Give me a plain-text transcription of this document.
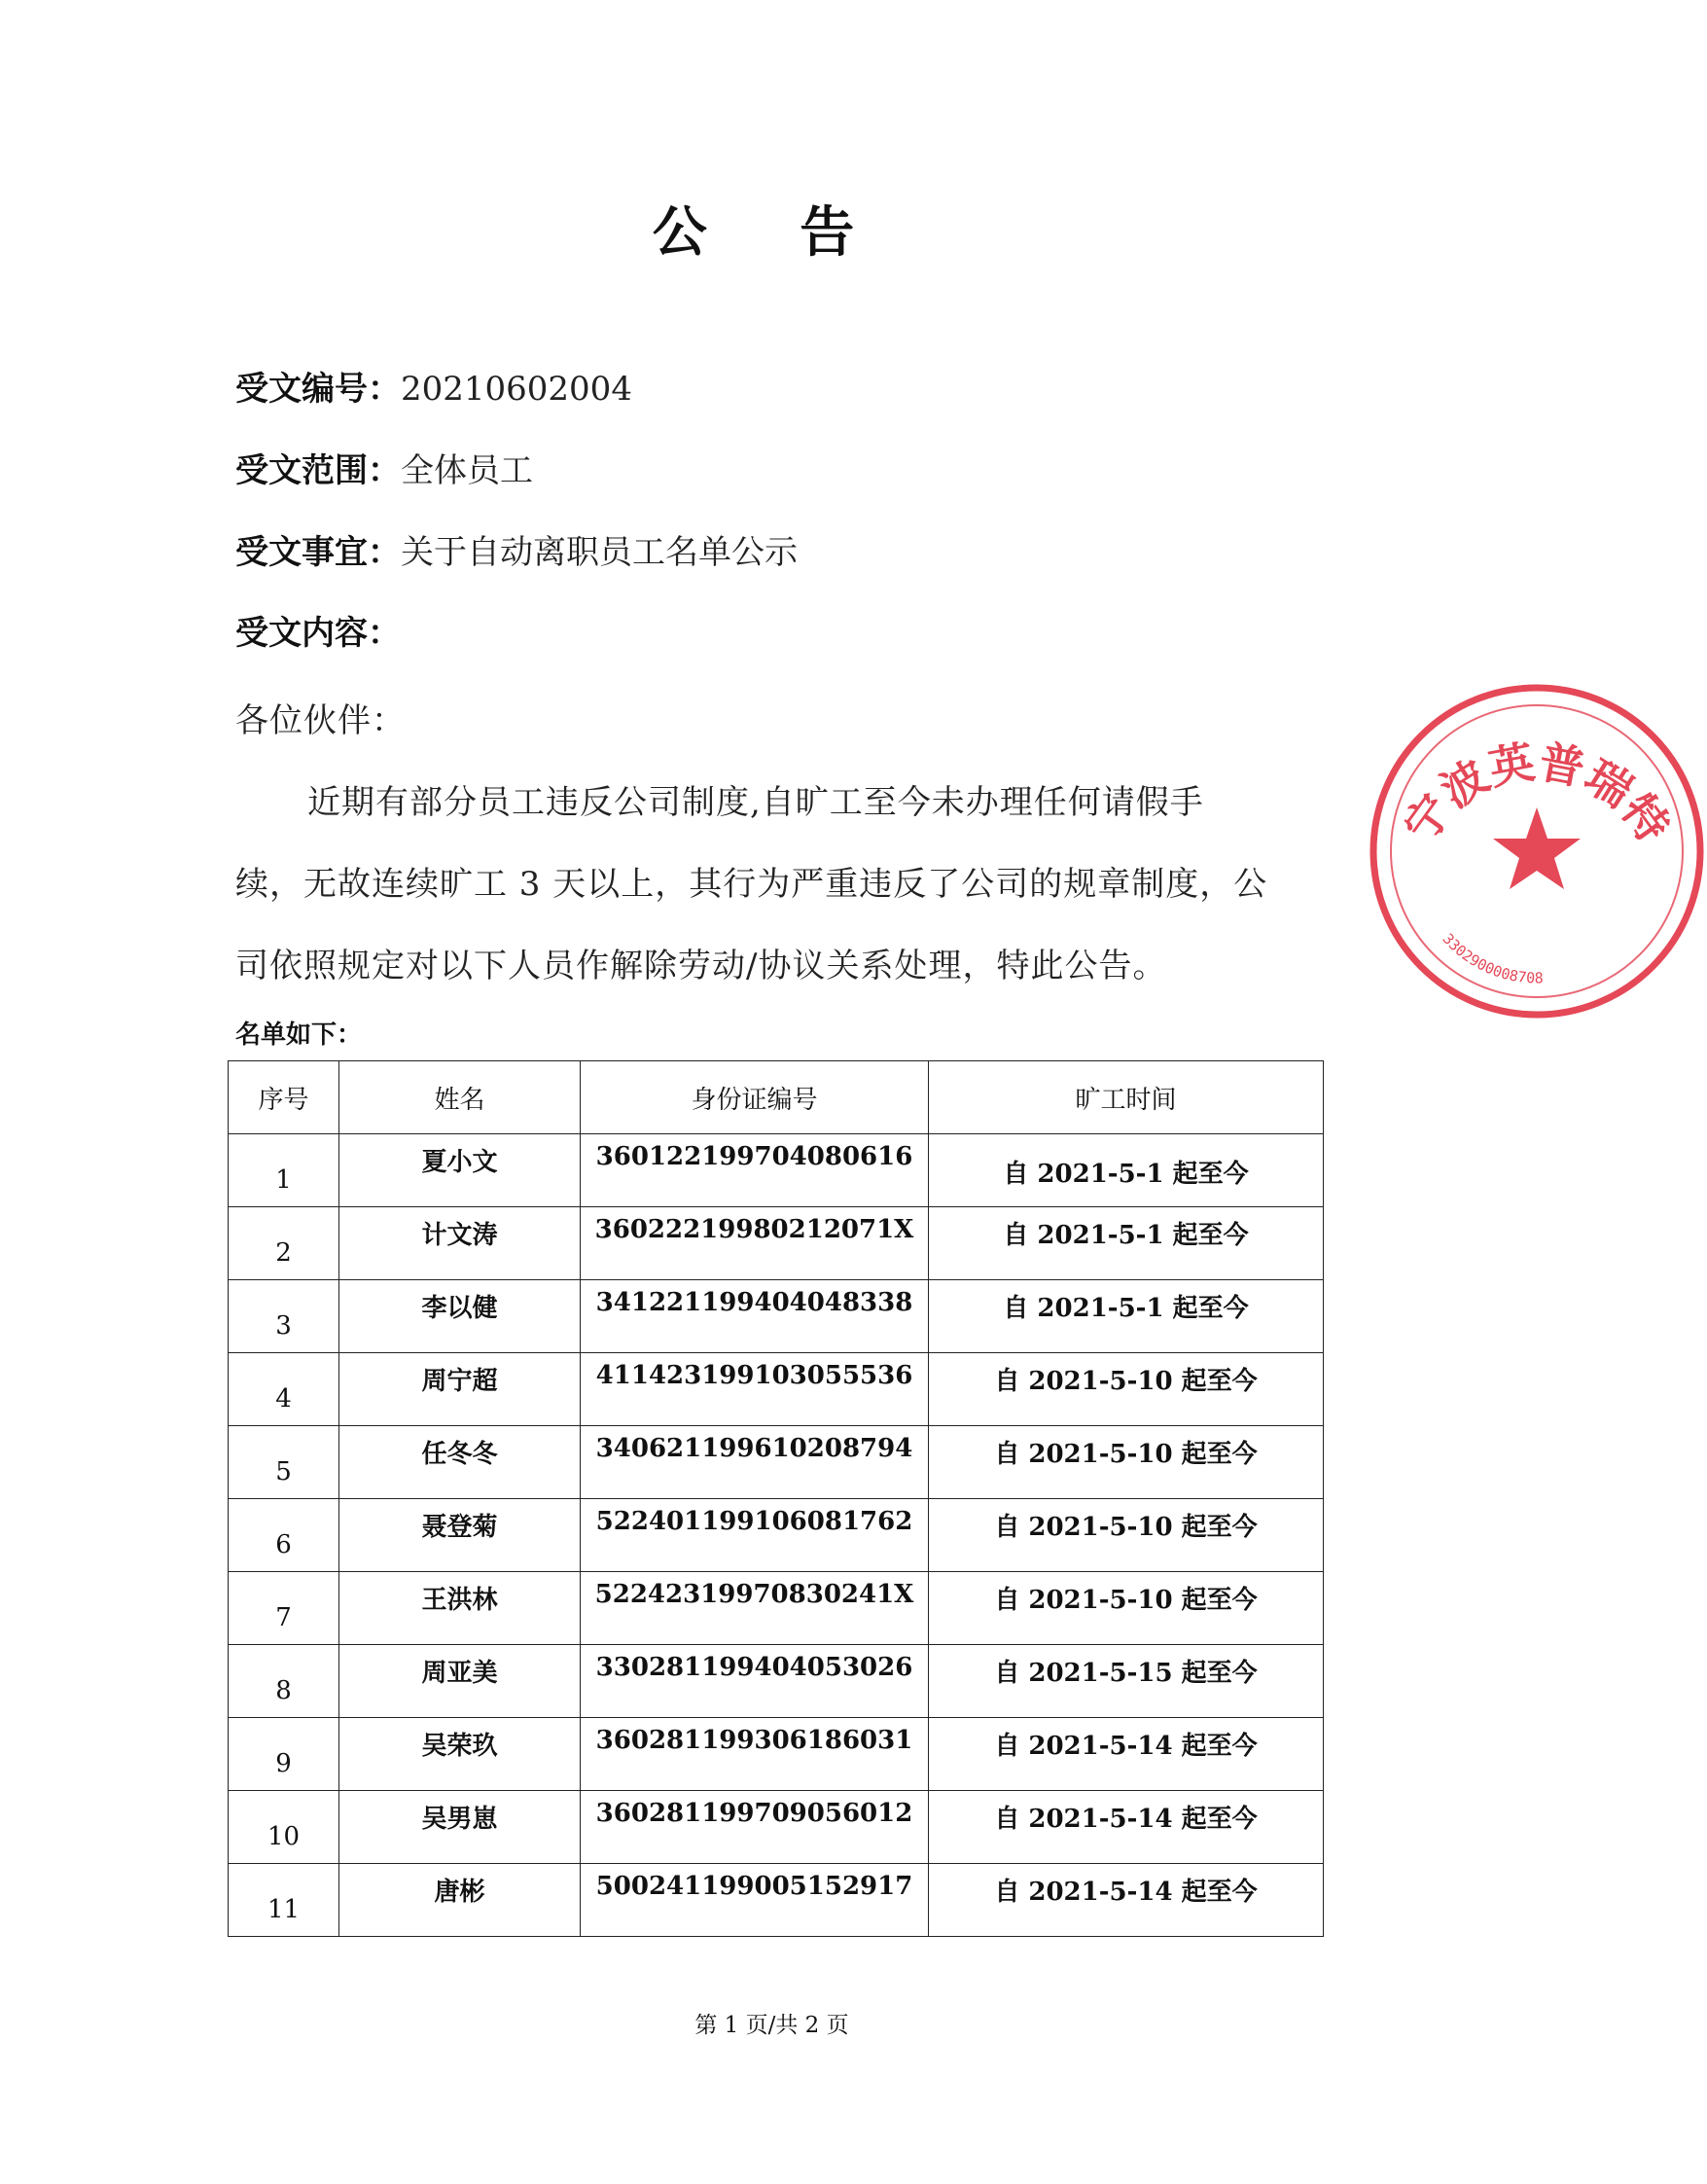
公 告
受文编号：20210602004
受文范围：全体员工
受文事宜：关于自动离职员工名单公示
受文内容：
各位伙伴：
近期有部分员工违反公司制度,自旷工至今未办理任何请假手
续，无故连续旷工 3 天以上，其行为严重违反了公司的规章制度，公
司依照规定对以下人员作解除劳动/协议关系处理，特此公告。
名单如下：
序号	姓名	身份证编号	旷工时间

1	夏小文	360122199704080616	自 2021-5-1 起至今

2	计文涛	36022219980212071X	自 2021-5-1 起至今

3	李以健	341221199404048338	自 2021-5-1 起至今

4	周宁超	411423199103055536	自 2021-5-10 起至今

5	任冬冬	340621199610208794	自 2021-5-10 起至今

6	聂登菊	522401199106081762	自 2021-5-10 起至今

7	王洪林	52242319970830241X	自 2021-5-10 起至今

8	周亚美	330281199404053026	自 2021-5-15 起至今

9	吴荣玖	360281199306186031	自 2021-5-14 起至今

10	吴男崽	360281199709056012	自 2021-5-14 起至今

11	唐彬	500241199005152917	自 2021-5-14 起至今
第 1 页/共 2 页
宁波英普瑞特
3302900008708
